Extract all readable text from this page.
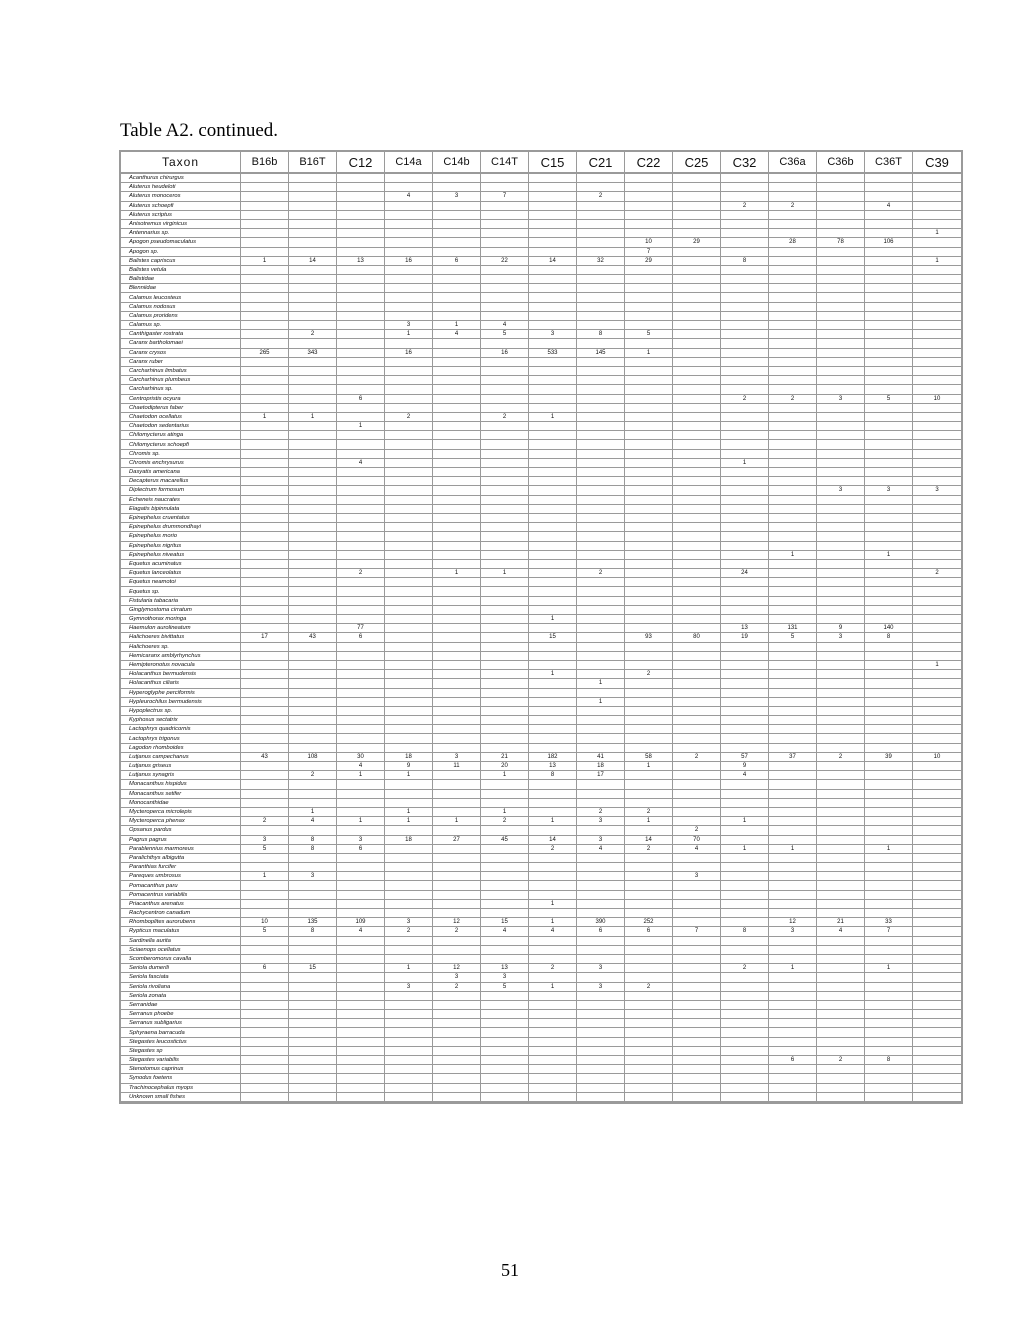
Table A2. continued.
Taxon	B16b	B16T	C12	C14a	C14b	C14T	C15	C21	C22	C25	C32	C36a	C36b	C36T	C39
Acanthurus chirurgus															
Aluterus heudeloti															
Aluterus monoceros				4	3	7		2							
Aluterus schoepfi											2	2		4	
Aluterus scriptus															
Anisotremus virginicus															
Antennarius sp.															1
Apogon pseudomaculatus									10	29		28	78	106	
Apogon sp.									7						
Balistes capriscus	1	14	13	16	6	22	14	32	29		8				1
Balistes vetula															
Balistidae															
Blenniidae															
Calamus leucosteus															
Calamus nodosus															
Calamus proridens															
Calamus sp.				3	1	4									
Canthigaster rostrata		2		1	4	5	3	8	5						
Caranx bartholomaei															
Caranx crysos	265	343		16		16	533	145	1						
Caranx ruber															
Carcharhinus limbatus															
Carcharhinus plumbeus															
Carcharhinus sp.															
Centropristis ocyura			6								2	2	3	5	10
Chaetodipterus faber															
Chaetodon ocellatus	1	1		2		2	1								
Chaetodon sedentarius			1												
Chilomycterus atinga															
Chilomycterus schoepfi															
Chromis sp.															
Chromis enchrysurus			4								1				
Dasyatis americana															
Decapterus macarellus															
Diplectrum formosum													3	3	3
Echeneis naucrates															
Elagatis bipinnulata															
Epinephelus cruentatus															
Epinephelus drummondhayi															
Epinephelus morio															
Epinephelus nigritus															
Epinephelus niveatus												1		1	
Equetus acuminatus															
Equetus lanceolatus			2		1	1		2			24				2
Equetus neamotoi															
Equetus sp.															
Fistularia tabacaria															
Ginglymostoma cirratum															
Gymnothorax moringa							1								
Haemulon aurolineatum			77								13	131	9	140	
Halichoeres bivittatus	17	43	6				15		93	80	19	5	3	8	
Halichoeres sp.															
Hemicaranx amblyrhynchus															
Hemipteronotus novacula															1
Holacanthus bermudensis							1		2						
Holacanthus ciliaris								1							
Hyperoglyphe perciformis															
Hypleurochilus bermudensis								1							
Hypoplectrus sp.															
Kyphosus sectatrix															
Lactophrys quadricornis															
Lactophrys trigonus															
Lagodon rhomboides															
Lutjanus campechanus	43	108	30	18	3	21	182	41	58	2	57	37	2	39	10
Lutjanus griseus			4	9	11	20	13	18	1		9				
Lutjanus synagris		2	1	1		1	8	17			4				
Monacanthus hispidus															
Monacanthus setifer															
Monocanthidae															
Mycteroperca microlepis		1		1		1		2	2						
Mycteroperca phenax	2	4	1	1	1	2	1	3	1		1				
Opsanus pardus										2					
Pagrus pagrus	3	8	3	18	27	45	14	3	14	70					
Parablennius marmoreus	5	8	6				2	4	2	4	1	1		1	
Paralichthys albigutta															
Paranthias furcifer															
Pareques umbrosus	1	3								3					
Pomacanthus paru															
Pomacentrus variabilis															
Priacanthus arenatus							1								
Rachycentron canadum															
Rhomboplites aurorubens	10	135	109	3	12	15	1	390	252			12	21	33	
Rypticus maculatus	5	8	4	2	2	4	4	6	6	7	8	3	4	7	
Sardinella aurita															
Sciaenops ocellatus															
Scomberomorus cavalla															
Seriola dumerili	6	15		1	12	13	2	3			2	1		1	
Seriola fasciata					3	3									
Seriola rivoliana				3	2	5	1	3	2						
Seriola zonata															
Serranidae															
Serranus phoebe															
Serranus subligarius															
Sphyraena barracuda															
Stegastes leucostictus															
Stegastes sp															
Stegastes variabilis												6	2	8	
Stenotomus caprinus															
Synodus foetens															
Trachinocephalus myops															
Unknown small fishes															
51
